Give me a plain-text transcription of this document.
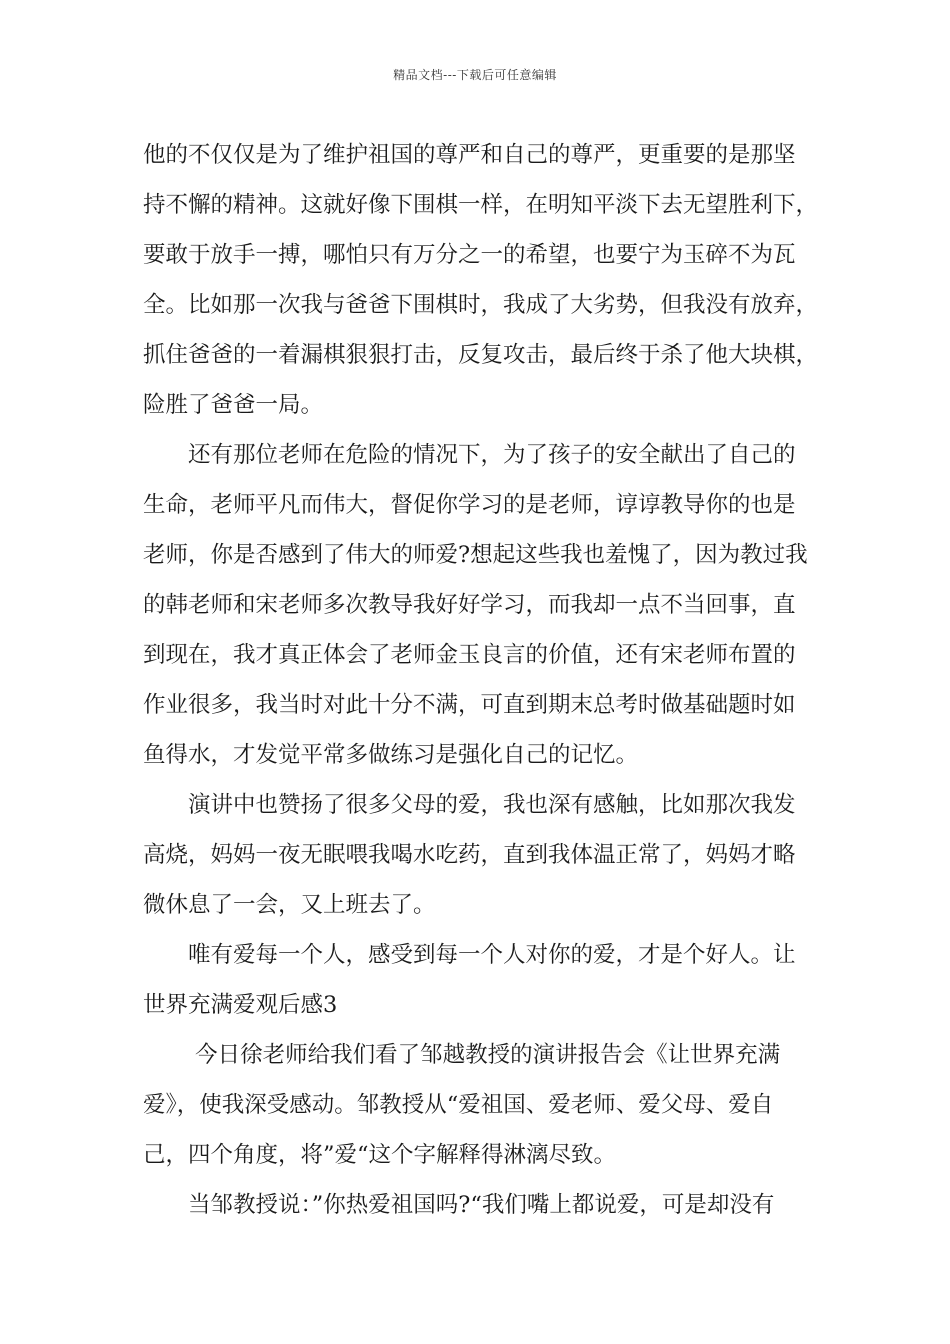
精品文档---下载后可任意编辑
他的不仅仅是为了维护祖国的尊严和自己的尊严，更重要的是那坚
持不懈的精神。这就好像下围棋一样，在明知平淡下去无望胜利下，
要敢于放手一搏，哪怕只有万分之一的希望，也要宁为玉碎不为瓦
全。比如那一次我与爸爸下围棋时，我成了大劣势，但我没有放弃，
抓住爸爸的一着漏棋狠狠打击，反复攻击，最后终于杀了他大块棋，
险胜了爸爸一局。
　　还有那位老师在危险的情况下，为了孩子的安全献出了自己的
生命，老师平凡而伟大，督促你学习的是老师，谆谆教导你的也是
老师，你是否感到了伟大的师爱?想起这些我也羞愧了，因为教过我
的韩老师和宋老师多次教导我好好学习，而我却一点不当回事，直
到现在，我才真正体会了老师金玉良言的价值，还有宋老师布置的
作业很多，我当时对此十分不满，可直到期末总考时做基础题时如
鱼得水，才发觉平常多做练习是强化自己的记忆。
　　演讲中也赞扬了很多父母的爱，我也深有感触，比如那次我发
高烧，妈妈一夜无眠喂我喝水吃药，直到我体温正常了，妈妈才略
微休息了一会，又上班去了。
　　唯有爱每一个人，感受到每一个人对你的爱，才是个好人。让
世界充满爱观后感3
　　 今日徐老师给我们看了邹越教授的演讲报告会《让世界充满
爱》，使我深受感动。邹教授从“爱祖国、爱老师、爱父母、爱自
己，四个角度，将”爱“这个字解释得淋漓尽致。
　　当邹教授说：”你热爱祖国吗?“我们嘴上都说爱，可是却没有
